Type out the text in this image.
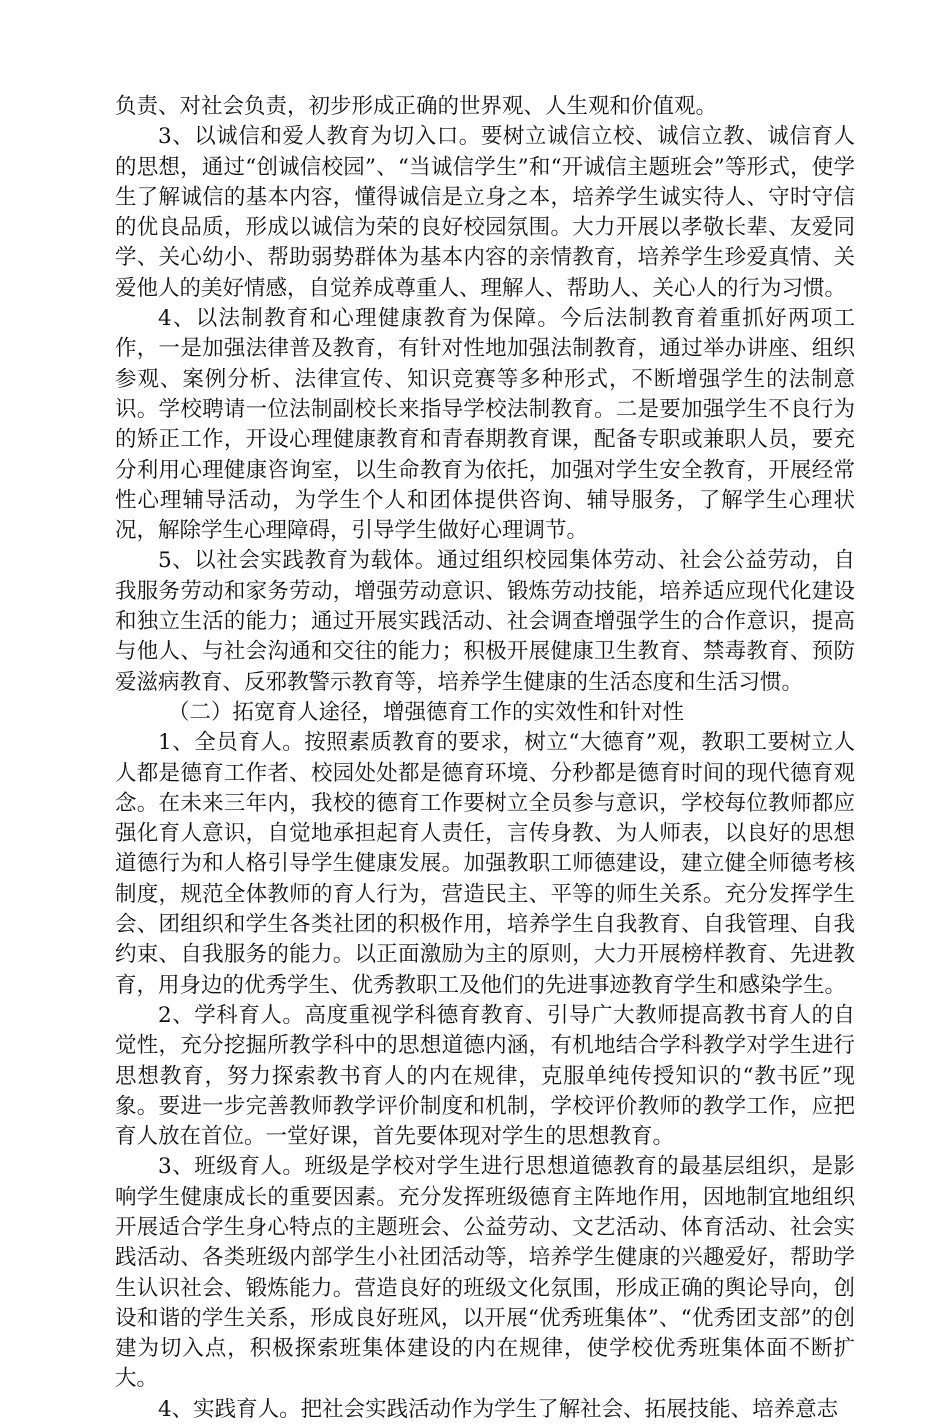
负责、对社会负责，初步形成正确的世界观、人生观和价值观。

3、以诚信和爱人教育为切入口。要树立诚信立校、诚信立教、诚信育人的思想，通过“创诚信校园”、“当诚信学生”和“开诚信主题班会”等形式，使学生了解诚信的基本内容，懂得诚信是立身之本，培养学生诚实待人、守时守信的优良品质，形成以诚信为荣的良好校园氛围。大力开展以孝敬长辈、友爱同学、关心幼小、帮助弱势群体为基本内容的亲情教育，培养学生珍爱真情、关爱他人的美好情感，自觉养成尊重人、理解人、帮助人、关心人的行为习惯。

4、以法制教育和心理健康教育为保障。今后法制教育着重抓好两项工作，一是加强法律普及教育，有针对性地加强法制教育，通过举办讲座、组织参观、案例分析、法律宣传、知识竞赛等多种形式，不断增强学生的法制意识。学校聘请一位法制副校长来指导学校法制教育。二是要加强学生不良行为的矫正工作，开设心理健康教育和青春期教育课，配备专职或兼职人员，要充分利用心理健康咨询室，以生命教育为依托，加强对学生安全教育，开展经常性心理辅导活动，为学生个人和团体提供咨询、辅导服务，了解学生心理状况，解除学生心理障碍，引导学生做好心理调节。

5、以社会实践教育为载体。通过组织校园集体劳动、社会公益劳动，自我服务劳动和家务劳动，增强劳动意识、锻炼劳动技能，培养适应现代化建设和独立生活的能力；通过开展实践活动、社会调查增强学生的合作意识，提高与他人、与社会沟通和交往的能力；积极开展健康卫生教育、禁毒教育、预防爱滋病教育、反邪教警示教育等，培养学生健康的生活态度和生活习惯。

（二）拓宽育人途径，增强德育工作的实效性和针对性

1、全员育人。按照素质教育的要求，树立“大德育”观，教职工要树立人人都是德育工作者、校园处处都是德育环境、分秒都是德育时间的现代德育观念。在未来三年内，我校的德育工作要树立全员参与意识，学校每位教师都应强化育人意识，自觉地承担起育人责任，言传身教、为人师表，以良好的思想道德行为和人格引导学生健康发展。加强教职工师德建设，建立健全师德考核制度，规范全体教师的育人行为，营造民主、平等的师生关系。充分发挥学生会、团组织和学生各类社团的积极作用，培养学生自我教育、自我管理、自我约束、自我服务的能力。以正面激励为主的原则，大力开展榜样教育、先进教育，用身边的优秀学生、优秀教职工及他们的先进事迹教育学生和感染学生。

2、学科育人。高度重视学科德育教育、引导广大教师提高教书育人的自觉性，充分挖掘所教学科中的思想道德内涵，有机地结合学科教学对学生进行思想教育，努力探索教书育人的内在规律，克服单纯传授知识的“教书匠”现象。要进一步完善教师教学评价制度和机制，学校评价教师的教学工作，应把育人放在首位。一堂好课，首先要体现对学生的思想教育。

3、班级育人。班级是学校对学生进行思想道德教育的最基层组织，是影响学生健康成长的重要因素。充分发挥班级德育主阵地作用，因地制宜地组织开展适合学生身心特点的主题班会、公益劳动、文艺活动、体育活动、社会实践活动、各类班级内部学生小社团活动等，培养学生健康的兴趣爱好，帮助学生认识社会、锻炼能力。营造良好的班级文化氛围，形成正确的舆论导向，创设和谐的学生关系，形成良好班风，以开展“优秀班集体”、“优秀团支部”的创建为切入点，积极探索班集体建设的内在规律，使学校优秀班集体面不断扩大。

4、实践育人。把社会实践活动作为学生了解社会、拓展技能、培养意志
